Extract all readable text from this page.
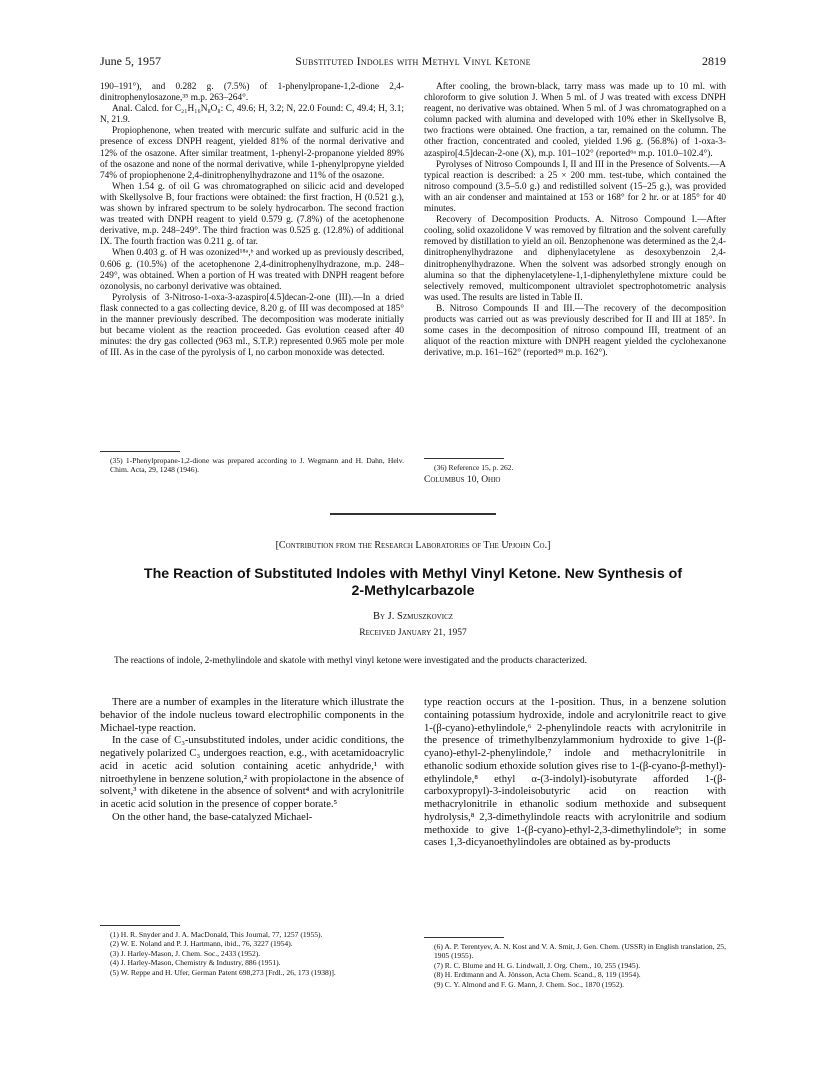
June 5, 1957	Substituted Indoles with Methyl Vinyl Ketone	2819

190–191°), and 0.282 g. (7.5%) of 1-phenylpropane-1,2-dione 2,4-dinitrophenylosazone,³⁵ m.p. 263–264°.

Anal. Calcd. for C₂₁H₁₆N₈O₈: C, 49.6; H, 3.2; N, 22.0 Found: C, 49.4; H, 3.1; N, 21.9.

Propiophenone, when treated with mercuric sulfate and sulfuric acid in the presence of excess DNPH reagent, yielded 81% of the normal derivative and 12% of the osazone. After similar treatment, 1-phenyl-2-propanone yielded 89% of the osazone and none of the normal derivative, while 1-phenylpropyne yielded 74% of propiophenone 2,4-dinitrophenylhydrazone and 11% of the osazone.

When 1.54 g. of oil G was chromatographed on silicic acid and developed with Skellysolve B, four fractions were obtained: the first fraction, H (0.521 g.), was shown by infrared spectrum to be solely hydrocarbon. The second fraction was treated with DNPH reagent to yield 0.579 g. (7.8%) of the acetophenone derivative, m.p. 248–249°. The third fraction was 0.525 g. (12.8%) of additional IX. The fourth fraction was 0.211 g. of tar.

When 0.403 g. of H was ozonized¹⁸ᵃ,ᵇ and worked up as previously described, 0.606 g. (10.5%) of the acetophenone 2,4-dinitrophenylhydrazone, m.p. 248–249°, was obtained. When a portion of H was treated with DNPH reagent before ozonolysis, no carbonyl derivative was obtained.

Pyrolysis of 3-Nitroso-1-oxa-3-azaspiro[4.5]decan-2-one (III).—In a dried flask connected to a gas collecting device, 8.20 g. of III was decomposed at 185° in the manner previously described. The decomposition was moderate initially but became violent as the reaction proceeded. Gas evolution ceased after 40 minutes: the dry gas collected (963 ml., S.T.P.) represented 0.965 mole per mole of III. As in the case of the pyrolysis of I, no carbon monoxide was detected.

(35) 1-Phenylpropane-1,2-dione was prepared according to J. Wegmann and H. Dahn, Helv. Chim. Acta, 29, 1248 (1946).

After cooling, the brown-black, tarry mass was made up to 10 ml. with chloroform to give solution J. When 5 ml. of J was treated with excess DNPH reagent, no derivative was obtained. When 5 ml. of J was chromatographed on a column packed with alumina and developed with 10% ether in Skellysolve B, two fractions were obtained. One fraction, a tar, remained on the column. The other fraction, concentrated and cooled, yielded 1.96 g. (56.8%) of 1-oxa-3-azaspiro[4.5]decan-2-one (X), m.p. 101–102° (reported⁶ᵃ m.p. 101.0–102.4°).

Pyrolyses of Nitroso Compounds I, II and III in the Presence of Solvents.—A typical reaction is described: a 25 × 200 mm. test-tube, which contained the nitroso compound (3.5–5.0 g.) and redistilled solvent (15–25 g.), was provided with an air condenser and maintained at 153 or 168° for 2 hr. or at 185° for 40 minutes.

Recovery of Decomposition Products. A. Nitroso Compound I.—After cooling, solid oxazolidone V was removed by filtration and the solvent carefully removed by distillation to yield an oil. Benzophenone was determined as the 2,4-dinitrophenylhydrazone and diphenylacetylene as desoxybenzoin 2,4-dinitrophenylhydrazone. When the solvent was adsorbed strongly enough on alumina so that the diphenylacetylene-1,1-diphenylethylene mixture could be selectively removed, multicomponent ultraviolet spectrophotometric analysis was used. The results are listed in Table II.

B. Nitroso Compounds II and III.—The recovery of the decomposition products was carried out as was previously described for II and III at 185°. In some cases in the decomposition of nitroso compound III, treatment of an aliquot of the reaction mixture with DNPH reagent yielded the cyclohexanone derivative, m.p. 161–162° (reported³⁶ m.p. 162°).

(36) Reference 15, p. 262.

Columbus 10, Ohio
[Contribution from the Research Laboratories of The Upjohn Co.]
The Reaction of Substituted Indoles with Methyl Vinyl Ketone. New Synthesis of
2-Methylcarbazole
By J. Szmuszkovicz
Received January 21, 1957
The reactions of indole, 2-methylindole and skatole with methyl vinyl ketone were investigated and the products characterized.

There are a number of examples in the literature which illustrate the behavior of the indole nucleus toward electrophilic components in the Michael-type reaction.

In the case of C₃-unsubstituted indoles, under acidic conditions, the negatively polarized C₃ undergoes reaction, e.g., with acetamidoacrylic acid in acetic acid solution containing acetic anhydride,¹ with nitroethylene in benzene solution,² with propiolactone in the absence of solvent,³ with diketene in the absence of solvent⁴ and with acrylonitrile in acetic acid solution in the presence of copper borate.⁵

On the other hand, the base-catalyzed Michael-

(1) H. R. Snyder and J. A. MacDonald, This Journal, 77, 1257 (1955).

(2) W. E. Noland and P. J. Hartmann, ibid., 76, 3227 (1954).

(3) J. Harley-Mason, J. Chem. Soc., 2433 (1952).

(4) J. Harley-Mason, Chemistry & Industry, 886 (1951).

(5) W. Reppe and H. Ufer, German Patent 698,273 [Frdl., 26, 173 (1938)].

type reaction occurs at the 1-position. Thus, in a benzene solution containing potassium hydroxide, indole and acrylonitrile react to give 1-(β-cyano)-ethylindole,⁶ 2-phenylindole reacts with acrylonitrile in the presence of trimethylbenzylammonium hydroxide to give 1-(β-cyano)-ethyl-2-phenylindole,⁷ indole and methacrylonitrile in ethanolic sodium ethoxide solution gives rise to 1-(β-cyano-β-methyl)-ethylindole,⁸ ethyl α-(3-indolyl)-isobutyrate afforded 1-(β-carboxypropyl)-3-indoleisobutyric acid on reaction with methacrylonitrile in ethanolic sodium methoxide and subsequent hydrolysis,⁸ 2,3-dimethylindole reacts with acrylonitrile and sodium methoxide to give 1-(β-cyano)-ethyl-2,3-dimethylindole⁹; in some cases 1,3-dicyanoethylindoles are obtained as by-products

(6) A. P. Terentyev, A. N. Kost and V. A. Smit, J. Gen. Chem. (USSR) in English translation, 25, 1905 (1955).

(7) R. C. Blume and H. G. Lindwall, J. Org. Chem., 10, 255 (1945).

(8) H. Erdtmann and Å. Jönsson, Acta Chem. Scand., 8, 119 (1954).

(9) C. Y. Almond and F. G. Mann, J. Chem. Soc., 1870 (1952).
